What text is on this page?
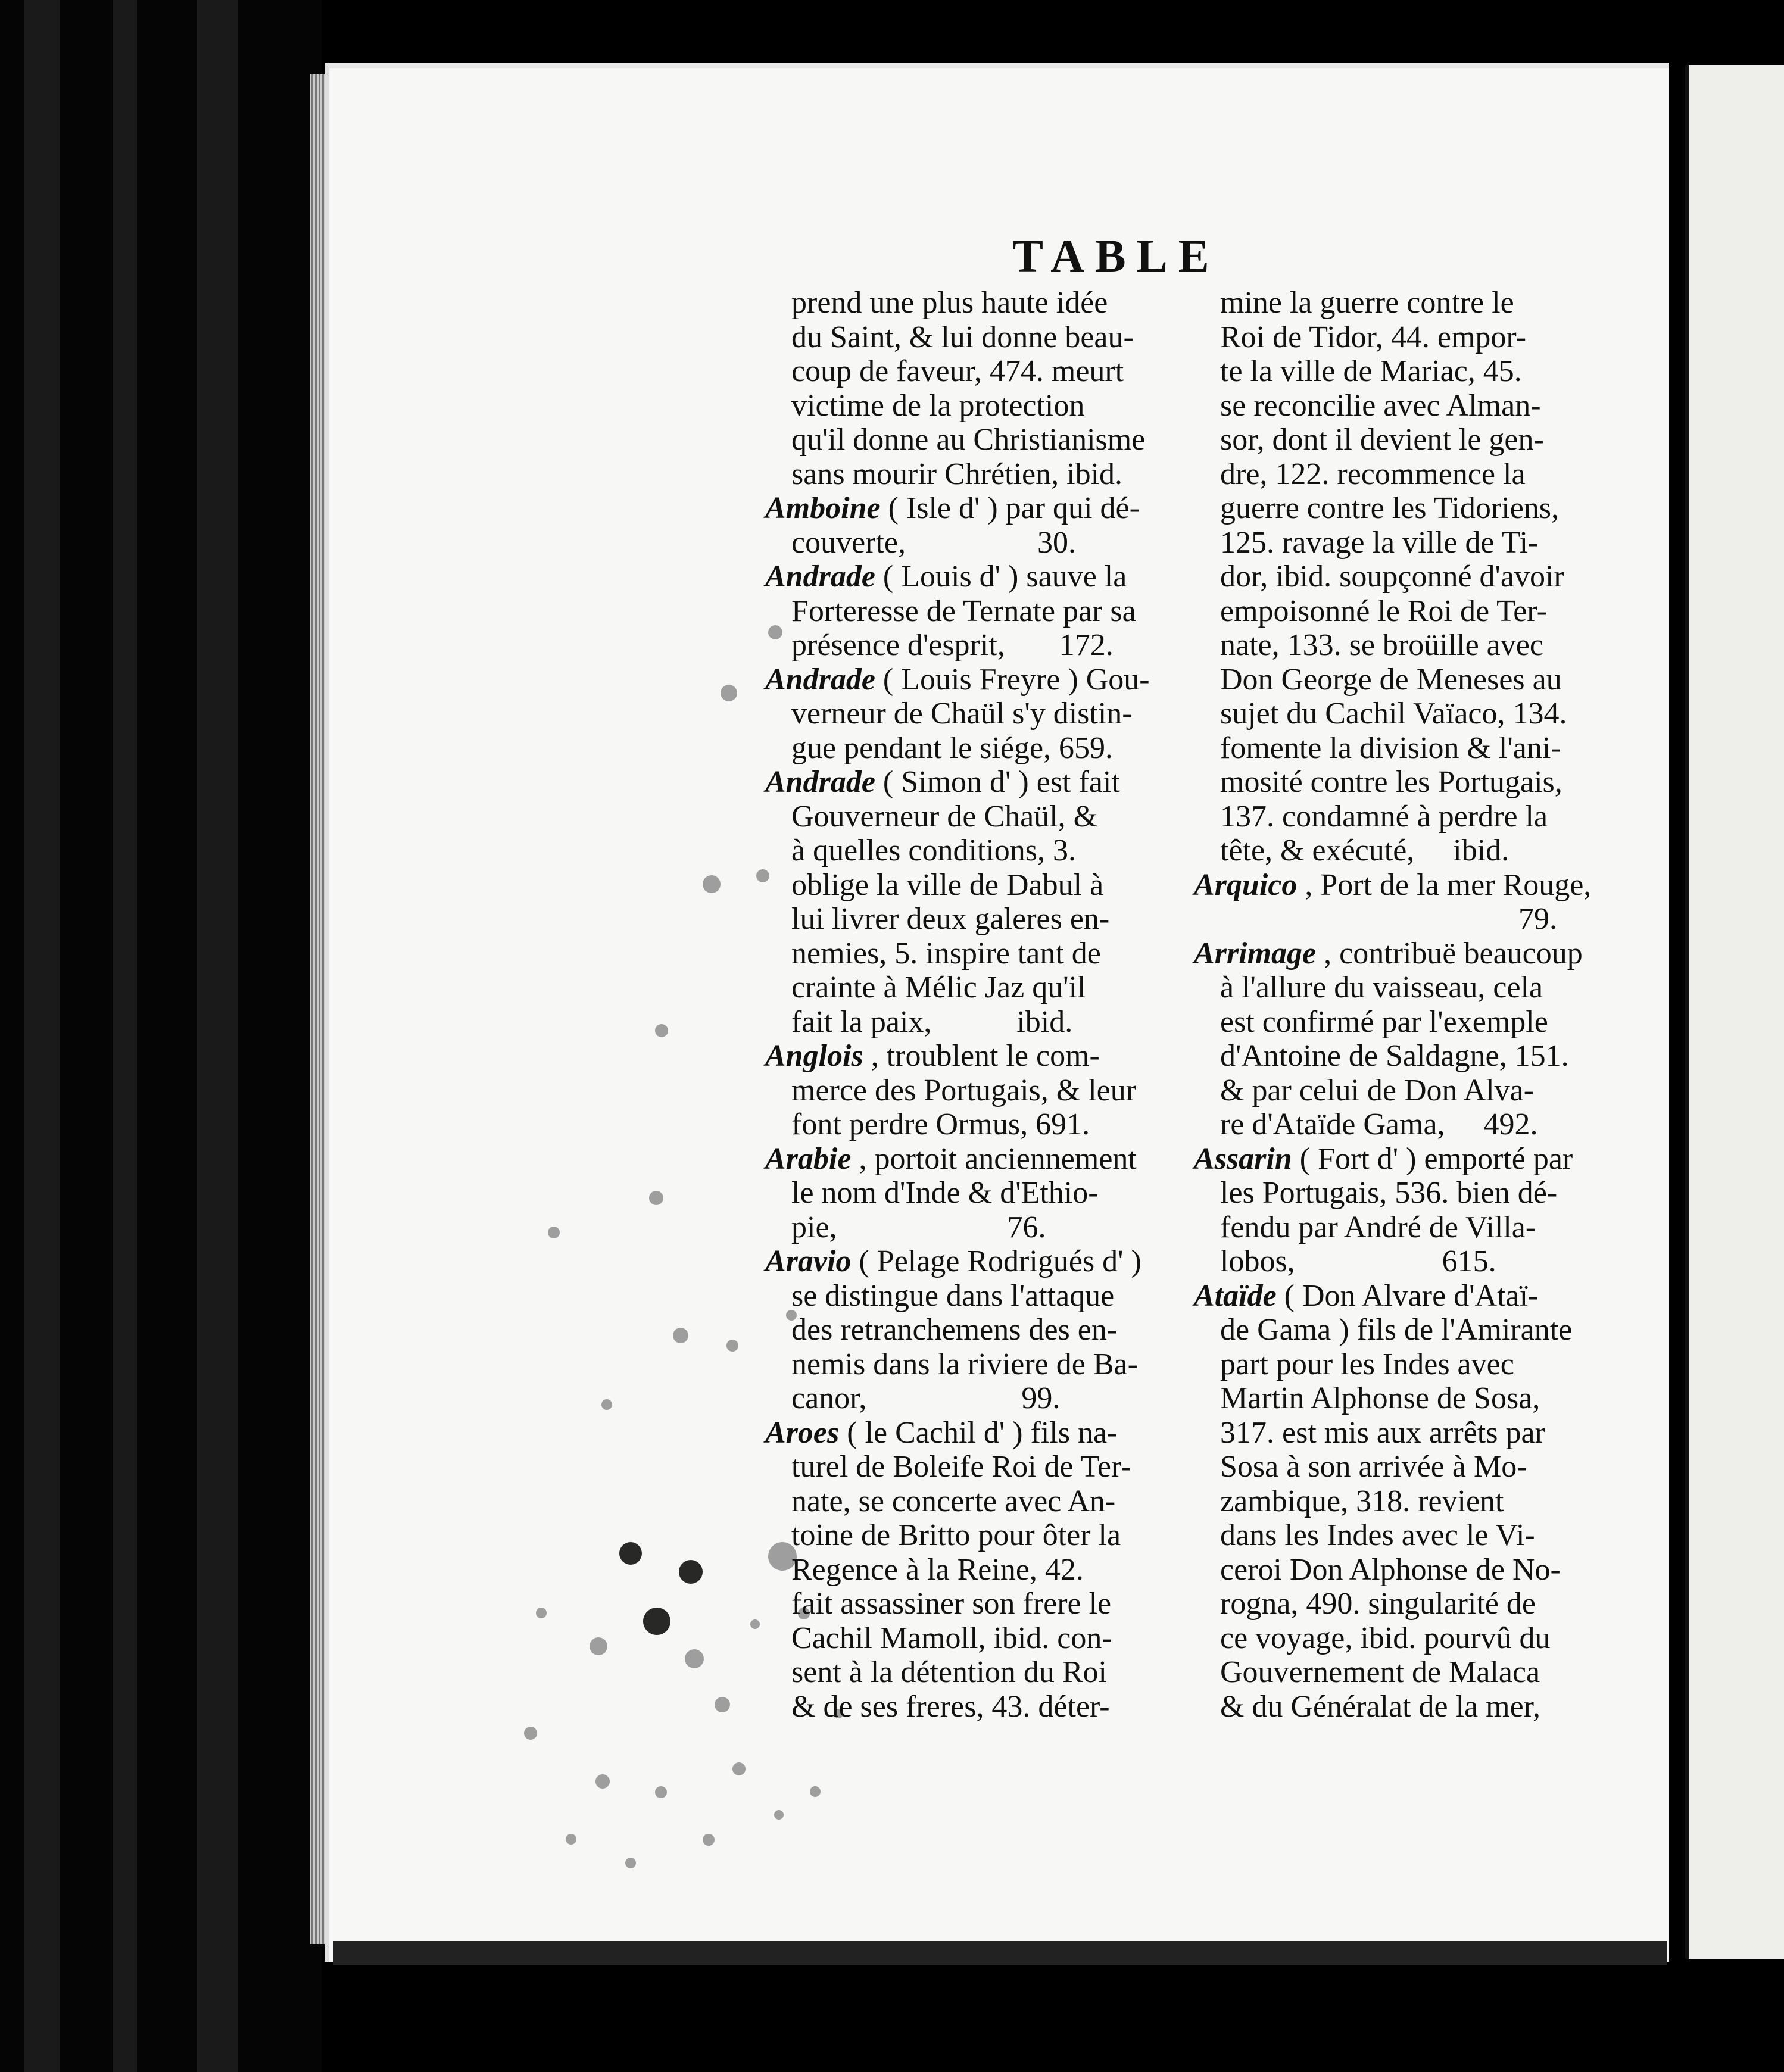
TABLE
prend une plus haute idée
du Saint, & lui donne beau-
coup de faveur, 474. meurt
victime de la protection
qu'il donne au Christianisme
sans mourir Chrétien, ibid.
Amboine ( Isle d' ) par qui dé-
couverte,                 30.
Andrade ( Louis d' ) sauve la
Forteresse de Ternate par sa
présence d'esprit,       172.
Andrade ( Louis Freyre ) Gou-
verneur de Chaül s'y distin-
gue pendant le siége, 659.
Andrade ( Simon d' ) est fait
Gouverneur de Chaül, &
à quelles conditions, 3.
oblige la ville de Dabul à
lui livrer deux galeres en-
nemies, 5. inspire tant de
crainte à Mélic Jaz qu'il
fait la paix,           ibid.
Anglois , troublent le com-
merce des Portugais, & leur
font perdre Ormus, 691.
Arabie , portoit anciennement
le nom d'Inde & d'Ethio-
pie,                      76.
Aravio ( Pelage Rodrigués d' )
se distingue dans l'attaque
des retranchemens des en-
nemis dans la riviere de Ba-
canor,                    99.
Aroes ( le Cachil d' ) fils na-
turel de Boleife Roi de Ter-
nate, se concerte avec An-
toine de Britto pour ôter la
Regence à la Reine, 42.
fait assassiner son frere le
Cachil Mamoll, ibid. con-
sent à la détention du Roi
& de ses freres, 43. déter-
mine la guerre contre le
Roi de Tidor, 44. empor-
te la ville de Mariac, 45.
se reconcilie avec Alman-
sor, dont il devient le gen-
dre, 122. recommence la
guerre contre les Tidoriens,
125. ravage la ville de Ti-
dor, ibid. soupçonné d'avoir
empoisonné le Roi de Ter-
nate, 133. se broüille avec
Don George de Meneses au
sujet du Cachil Vaïaco, 134.
fomente la division & l'ani-
mosité contre les Portugais,
137. condamné à perdre la
tête, & exécuté,     ibid.
Arquico , Port de la mer Rouge,
79.
Arrimage , contribuë beaucoup
à l'allure du vaisseau, cela
est confirmé par l'exemple
d'Antoine de Saldagne, 151.
& par celui de Don Alva-
re d'Ataïde Gama,     492.
Assarin ( Fort d' ) emporté par
les Portugais, 536. bien dé-
fendu par André de Villa-
lobos,                   615.
Ataïde ( Don Alvare d'Ataï-
de Gama ) fils de l'Amirante
part pour les Indes avec
Martin Alphonse de Sosa,
317. est mis aux arrêts par
Sosa à son arrivée à Mo-
zambique, 318. revient
dans les Indes avec le Vi-
ceroi Don Alphonse de No-
rogna, 490. singularité de
ce voyage, ibid. pourvû du
Gouvernement de Malaca
& du Généralat de la mer,
